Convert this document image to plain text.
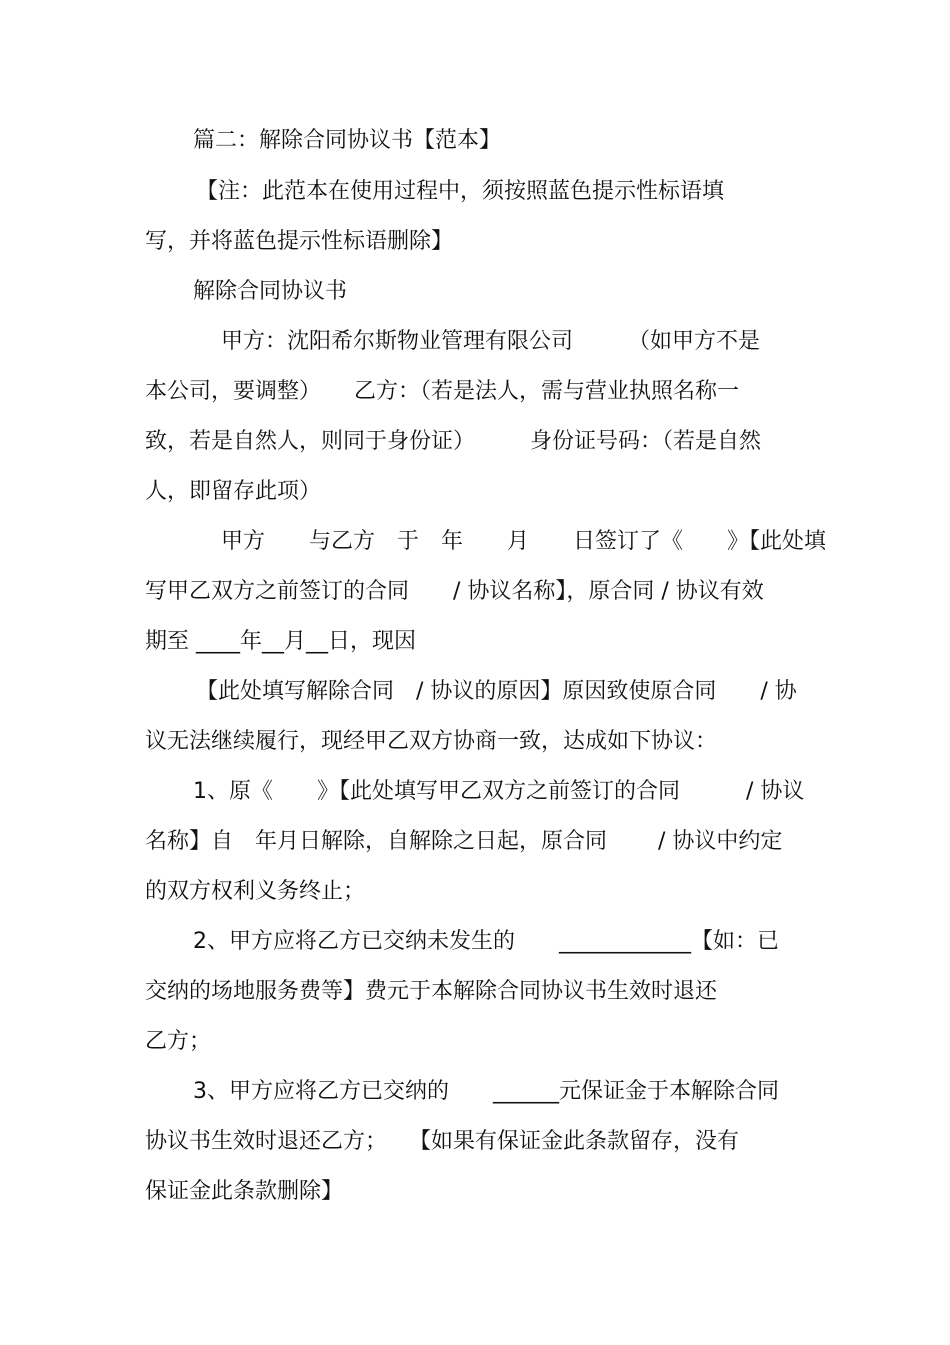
篇二：解除合同协议书【范本】
【注：此范本在使用过程中，须按照蓝色提示性标语填
写，并将蓝色提示性标语删除】
解除合同协议书
甲方：沈阳希尔斯物业管理有限公司　　　（如甲方不是
本公司，要调整）　　乙方：（若是法人，需与营业执照名称一
致，若是自然人，则同于身份证）　　　身份证号码：（若是自然
人，即留存此项）
甲方　　与乙方　于　年　　月　　日签订了《　　》【此处填
写甲乙双方之前签订的合同　　/ 协议名称】，原合同 / 协议有效
期至 ____年__月__日，现因
【此处填写解除合同　/ 协议的原因】原因致使原合同　　/ 协
议无法继续履行，现经甲乙双方协商一致，达成如下协议：
1、原《　　》【此处填写甲乙双方之前签订的合同　　　/ 协议
名称】自　年月日解除，自解除之日起，原合同　　 / 协议中约定
的双方权利义务终止；
2、甲方应将乙方已交纳未发生的　　____________【如：已
交纳的场地服务费等】费元于本解除合同协议书生效时退还
乙方；
3、甲方应将乙方已交纳的　　______元保证金于本解除合同
协议书生效时退还乙方；　　【如果有保证金此条款留存，没有
保证金此条款删除】
